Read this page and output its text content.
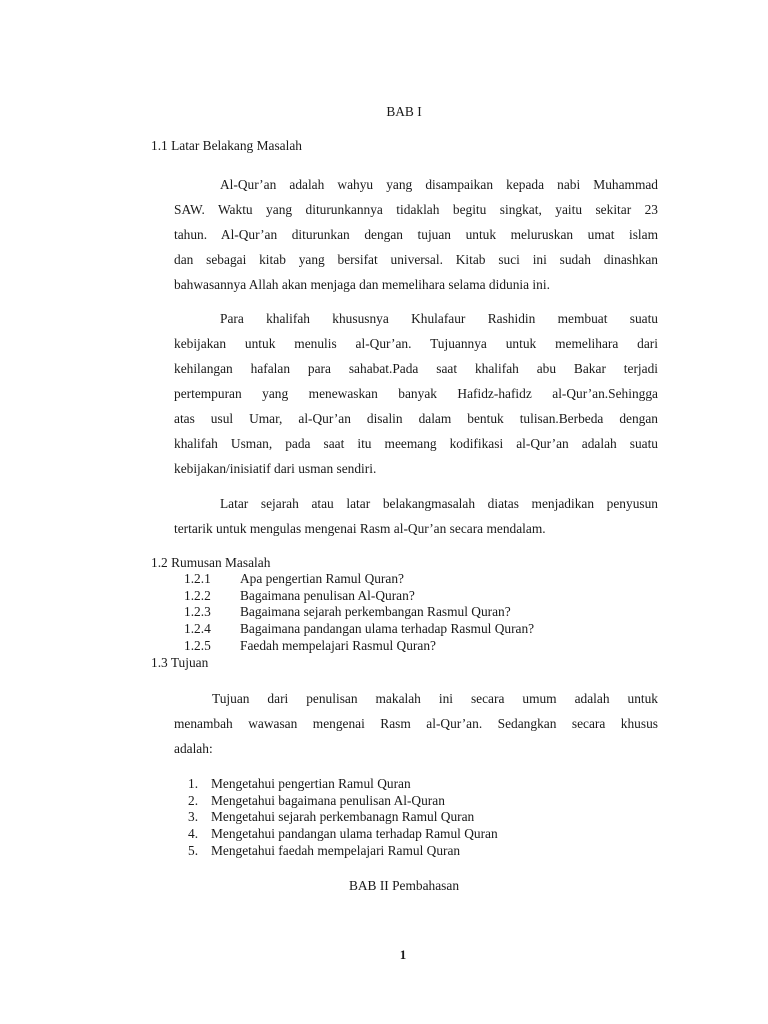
BAB I
1.1 Latar Belakang Masalah
Al-Qur’an adalah wahyu yang disampaikan kepada nabi Muhammad
SAW. Waktu yang diturunkannya tidaklah begitu singkat, yaitu sekitar 23
tahun. Al-Qur’an diturunkan dengan tujuan untuk meluruskan umat islam
dan sebagai kitab yang bersifat universal. Kitab suci ini sudah dinashkan
bahwasannya Allah akan menjaga dan memelihara selama didunia ini.
Para khalifah khususnya Khulafaur Rashidin membuat suatu
kebijakan untuk menulis al-Qur’an. Tujuannya untuk memelihara dari
kehilangan hafalan para sahabat.Pada saat khalifah abu Bakar terjadi
pertempuran yang menewaskan banyak Hafidz-hafidz al-Qur’an.Sehingga
atas usul Umar, al-Qur’an disalin dalam bentuk tulisan.Berbeda dengan
khalifah Usman, pada saat itu meemang kodifikasi al-Qur’an adalah suatu
kebijakan/inisiatif dari usman sendiri.
Latar sejarah atau latar belakangmasalah diatas menjadikan penyusun
tertarik untuk mengulas mengenai Rasm al-Qur’an secara mendalam.
1.2 Rumusan Masalah
1.2.1 Apa pengertian Ramul Quran?
1.2.2 Bagaimana penulisan Al-Quran?
1.2.3 Bagaimana sejarah perkembangan Rasmul Quran?
1.2.4 Bagaimana pandangan ulama terhadap Rasmul Quran?
1.2.5 Faedah mempelajari Rasmul Quran?
1.3 Tujuan
Tujuan dari penulisan makalah ini secara umum adalah untuk
menambah wawasan mengenai Rasm al-Qur’an. Sedangkan secara khusus
adalah:
1. Mengetahui pengertian Ramul Quran
2. Mengetahui bagaimana penulisan Al-Quran
3. Mengetahui sejarah perkembanagn Ramul Quran
4. Mengetahui pandangan ulama terhadap Ramul Quran
5. Mengetahui faedah mempelajari Ramul Quran
BAB II Pembahasan
1
